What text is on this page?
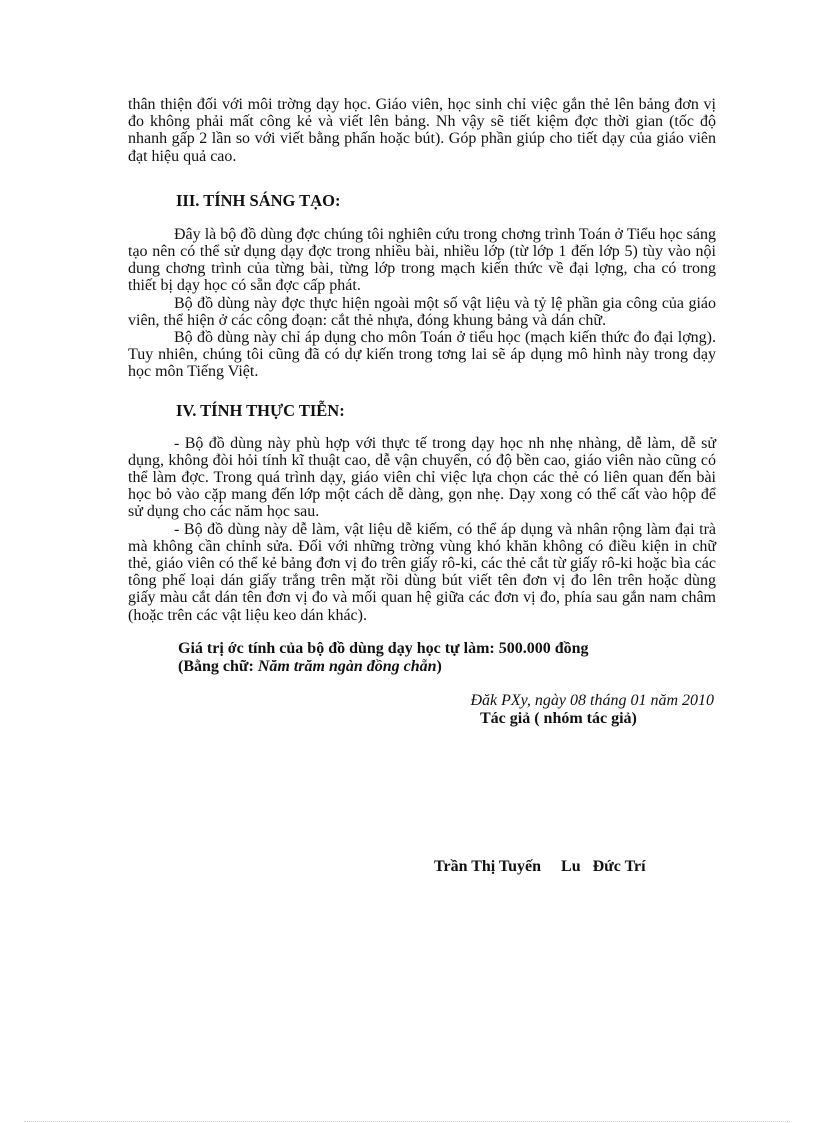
thân thiện đối với môi trờng dạy học. Giáo viên, học sinh chỉ việc gắn thẻ lên bảng đơn vị đo không phải mất công kẻ và viết lên bảng. Nh vậy sẽ tiết kiệm đợc thời gian (tốc độ nhanh gấp 2 lần so với viết bằng phấn hoặc bút). Góp phần giúp cho tiết dạy của giáo viên đạt hiệu quả cao.

III. TÍNH SÁNG TẠO:

Đây là bộ đồ dùng đợc chúng tôi nghiên cứu trong chơng trình Toán ở Tiểu học sáng tạo nên có thể sử dụng dạy đợc trong nhiều bài, nhiều lớp (từ lớp 1 đến lớp 5) tùy vào nội dung chơng trình của từng bài, từng lớp trong mạch kiến thức về đại lợng, cha có trong thiết bị dạy học có sẵn đợc cấp phát.

Bộ đồ dùng này đợc thực hiện ngoài một số vật liệu và tỷ lệ phần gia công của giáo viên, thể hiện ở các công đoạn: cắt thẻ nhựa, đóng khung bảng và dán chữ.

Bộ đồ dùng này chỉ áp dụng cho môn Toán ở tiểu học (mạch kiến thức đo đại lợng). Tuy nhiên, chúng tôi cũng đã có dự kiến trong tơng lai sẽ áp dụng mô hình này trong dạy học môn Tiếng Việt.

IV. TÍNH THỰC TIỄN:

- Bộ đồ dùng này phù hợp với thực tế trong dạy học nh nhẹ nhàng, dễ làm, dễ sử dụng, không đòi hỏi tính kĩ thuật cao, dễ vận chuyển, có độ bền cao, giáo viên nào cũng có thể làm đợc. Trong quá trình dạy, giáo viên chỉ việc lựa chọn các thẻ có liên quan đến bài học bỏ vào cặp mang đến lớp một cách dễ dàng, gọn nhẹ. Dạy xong có thể cất vào hộp để sử dụng cho các năm học sau.

- Bộ đồ dùng này dễ làm, vật liệu dễ kiếm, có thể áp dụng và nhân rộng làm đại trà mà không cần chỉnh sửa. Đối với những trờng vùng khó khăn không có điều kiện in chữ thẻ, giáo viên có thể kẻ bảng đơn vị đo trên giấy rô-ki, các thẻ cắt từ giấy rô-ki hoặc bìa các tông phế loại dán giấy trắng trên mặt rồi dùng bút viết tên đơn vị đo lên trên hoặc dùng giấy màu cắt dán tên đơn vị đo và mối quan hệ giữa các đơn vị đo, phía sau gắn nam châm (hoặc trên các vật liệu keo dán khác).

Giá trị ớc tính của bộ đồ dùng dạy học tự làm: 500.000 đồng

(Bằng chữ: Năm trăm ngàn đồng chẵn)

Đăk PXy, ngày 08 tháng 01 năm 2010

Tác giả ( nhóm tác giả)

Trần Thị Tuyến     Lu   Đức Trí
